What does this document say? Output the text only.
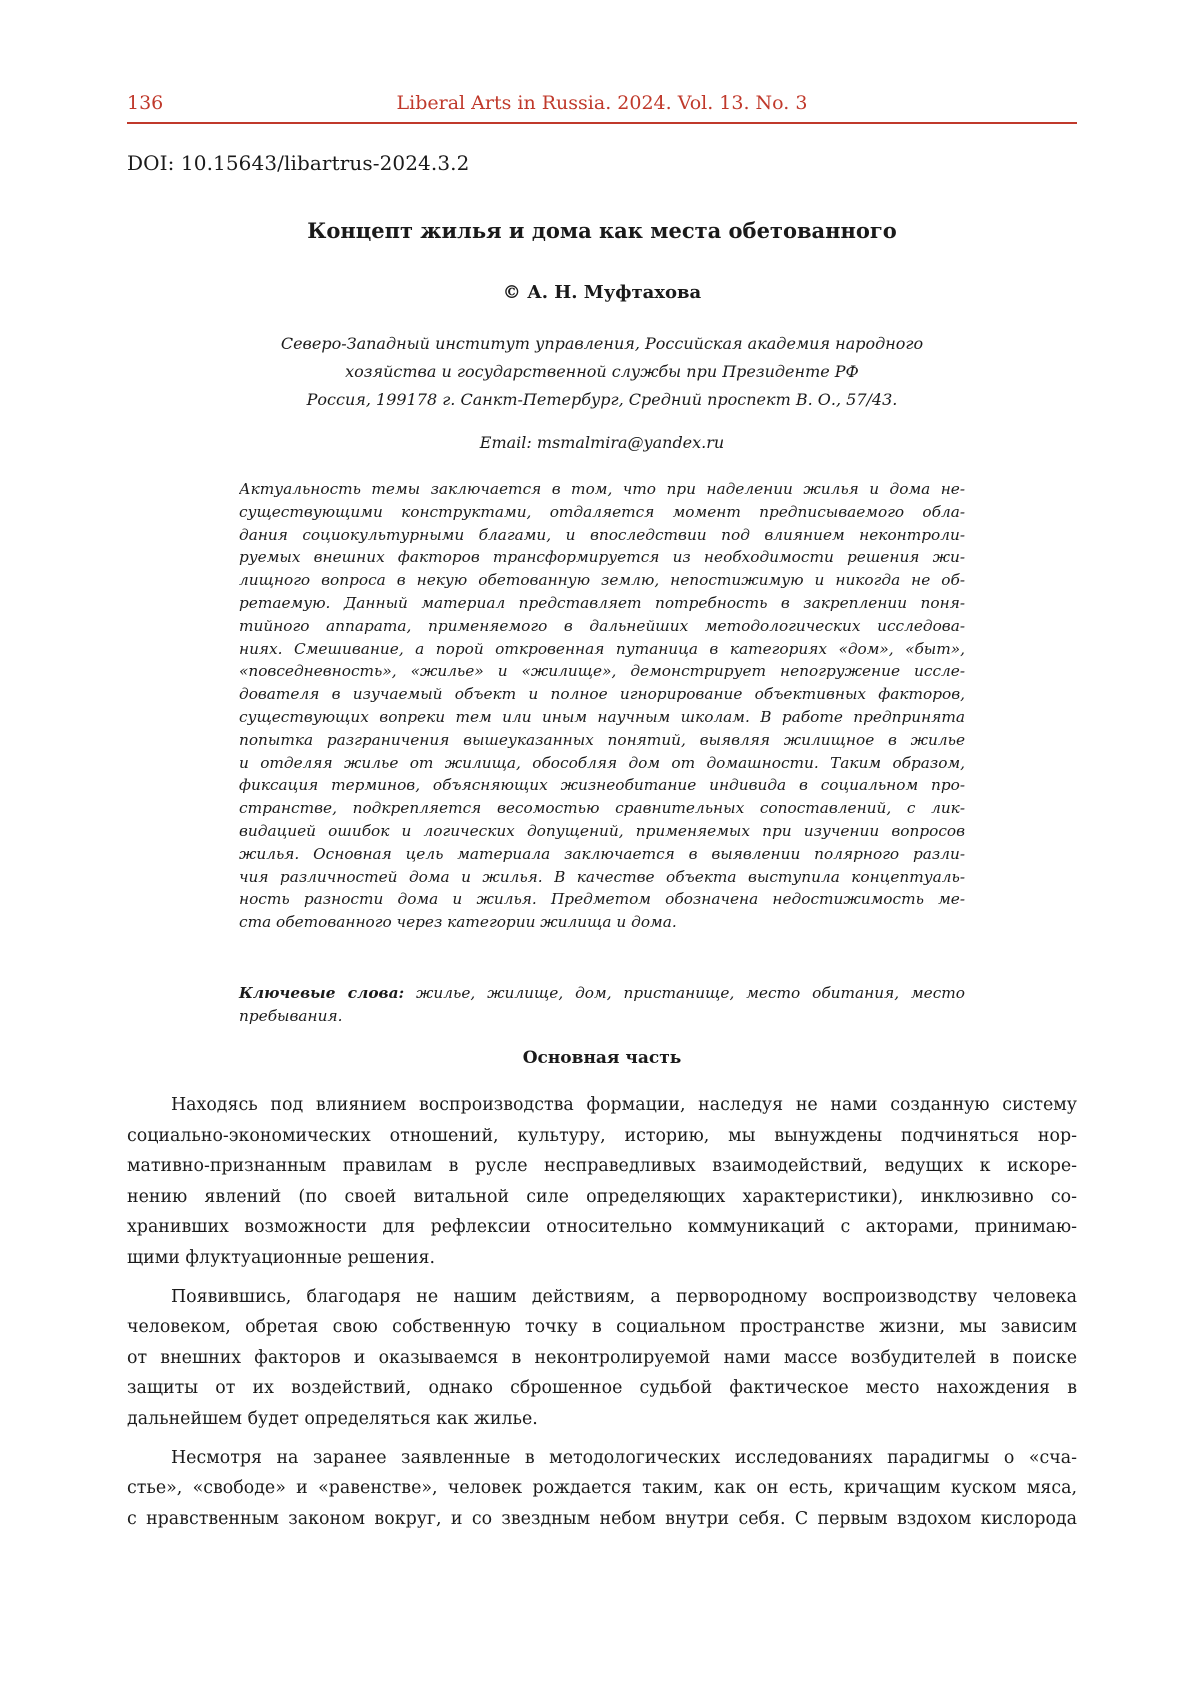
136	Liberal Arts in Russia. 2024. Vol. 13. No. 3
DOI: 10.15643/libartrus-2024.3.2
Концепт жилья и дома как места обетованного
© А. Н. Муфтахова
Северо-Западный институт управления, Российская академия народного
хозяйства и государственной службы при Президенте РФ
Россия, 199178 г. Санкт-Петербург, Средний проспект В. О., 57/43.
Email: msmalmira@yandex.ru
Актуальность темы заключается в том, что при наделении жилья и дома не-
существующими конструктами, отдаляется момент предписываемого обла-
дания социокультурными благами, и впоследствии под влиянием неконтроли-
руемых внешних факторов трансформируется из необходимости решения жи-
лищного вопроса в некую обетованную землю, непостижимую и никогда не об-
ретаемую. Данный материал представляет потребность в закреплении поня-
тийного аппарата, применяемого в дальнейших методологических исследова-
ниях. Смешивание, а порой откровенная путаница в категориях «дом», «быт»,
«повседневность», «жилье» и «жилище», демонстрирует непогружение иссле-
дователя в изучаемый объект и полное игнорирование объективных факторов,
существующих вопреки тем или иным научным школам. В работе предпринята
попытка разграничения вышеуказанных понятий, выявляя жилищное в жилье
и отделяя жилье от жилища, обособляя дом от домашности. Таким образом,
фиксация терминов, объясняющих жизнеобитание индивида в социальном про-
странстве, подкрепляется весомостью сравнительных сопоставлений, с лик-
видацией ошибок и логических допущений, применяемых при изучении вопросов
жилья. Основная цель материала заключается в выявлении полярного разли-
чия различностей дома и жилья. В качестве объекта выступила концептуаль-
ность разности дома и жилья. Предметом обозначена недостижимость ме-
ста обетованного через категории жилища и дома.
Ключевые слова: жилье, жилище, дом, пристанище, место обитания, место
пребывания.
Основная часть
Находясь под влиянием воспроизводства формации, наследуя не нами созданную систему
социально-экономических отношений, культуру, историю, мы вынуждены подчиняться нор-
мативно-признанным правилам в русле несправедливых взаимодействий, ведущих к искоре-
нению явлений (по своей витальной силе определяющих характеристики), инклюзивно со-
хранивших возможности для рефлексии относительно коммуникаций с акторами, принимаю-
щими флуктуационные решения.
Появившись, благодаря не нашим действиям, а первородному воспроизводству человека
человеком, обретая свою собственную точку в социальном пространстве жизни, мы зависим
от внешних факторов и оказываемся в неконтролируемой нами массе возбудителей в поиске
защиты от их воздействий, однако сброшенное судьбой фактическое место нахождения в
дальнейшем будет определяться как жилье.
Несмотря на заранее заявленные в методологических исследованиях парадигмы о «сча-
стье», «свободе» и «равенстве», человек рождается таким, как он есть, кричащим куском мяса,
с нравственным законом вокруг, и со звездным небом внутри себя. С первым вздохом кислорода
